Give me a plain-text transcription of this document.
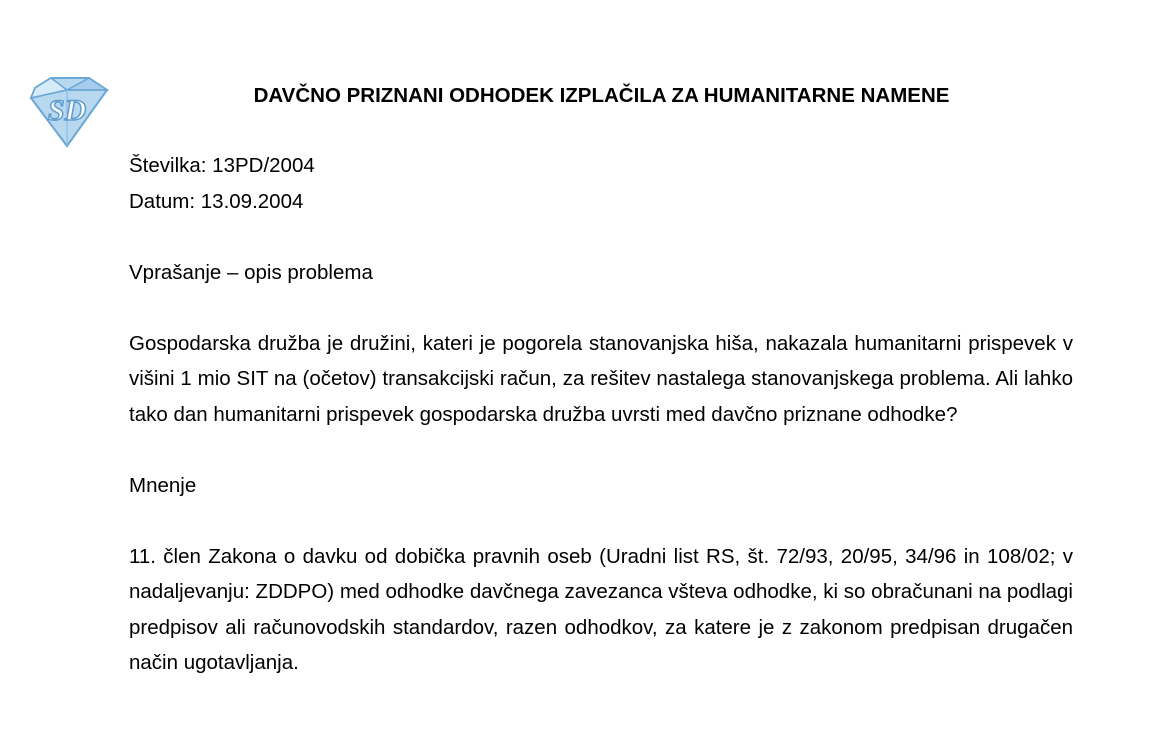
SD	DAVČNO PRIZNANI ODHODEK IZPLAČILA ZA HUMANITARNE NAMENE

Številka: 13PD/2004

Datum: 13.09.2004

Vprašanje – opis problema

Gospodarska družba je družini, kateri je pogorela stanovanjska hiša, nakazala humanitarni prispevek v višini 1 mio SIT na (očetov) transakcijski račun, za rešitev nastalega stanovanjskega problema. Ali lahko tako dan humanitarni prispevek gospodarska družba uvrsti med davčno priznane odhodke?

Mnenje

11. člen Zakona o davku od dobička pravnih oseb (Uradni list RS, št. 72/93, 20/95, 34/96 in 108/02; v nadaljevanju: ZDDPO) med odhodke davčnega zavezanca všteva odhodke, ki so obračunani na podlagi predpisov ali računovodskih standardov, razen odhodkov, za katere je z zakonom predpisan drugačen način ugotavljanja.
